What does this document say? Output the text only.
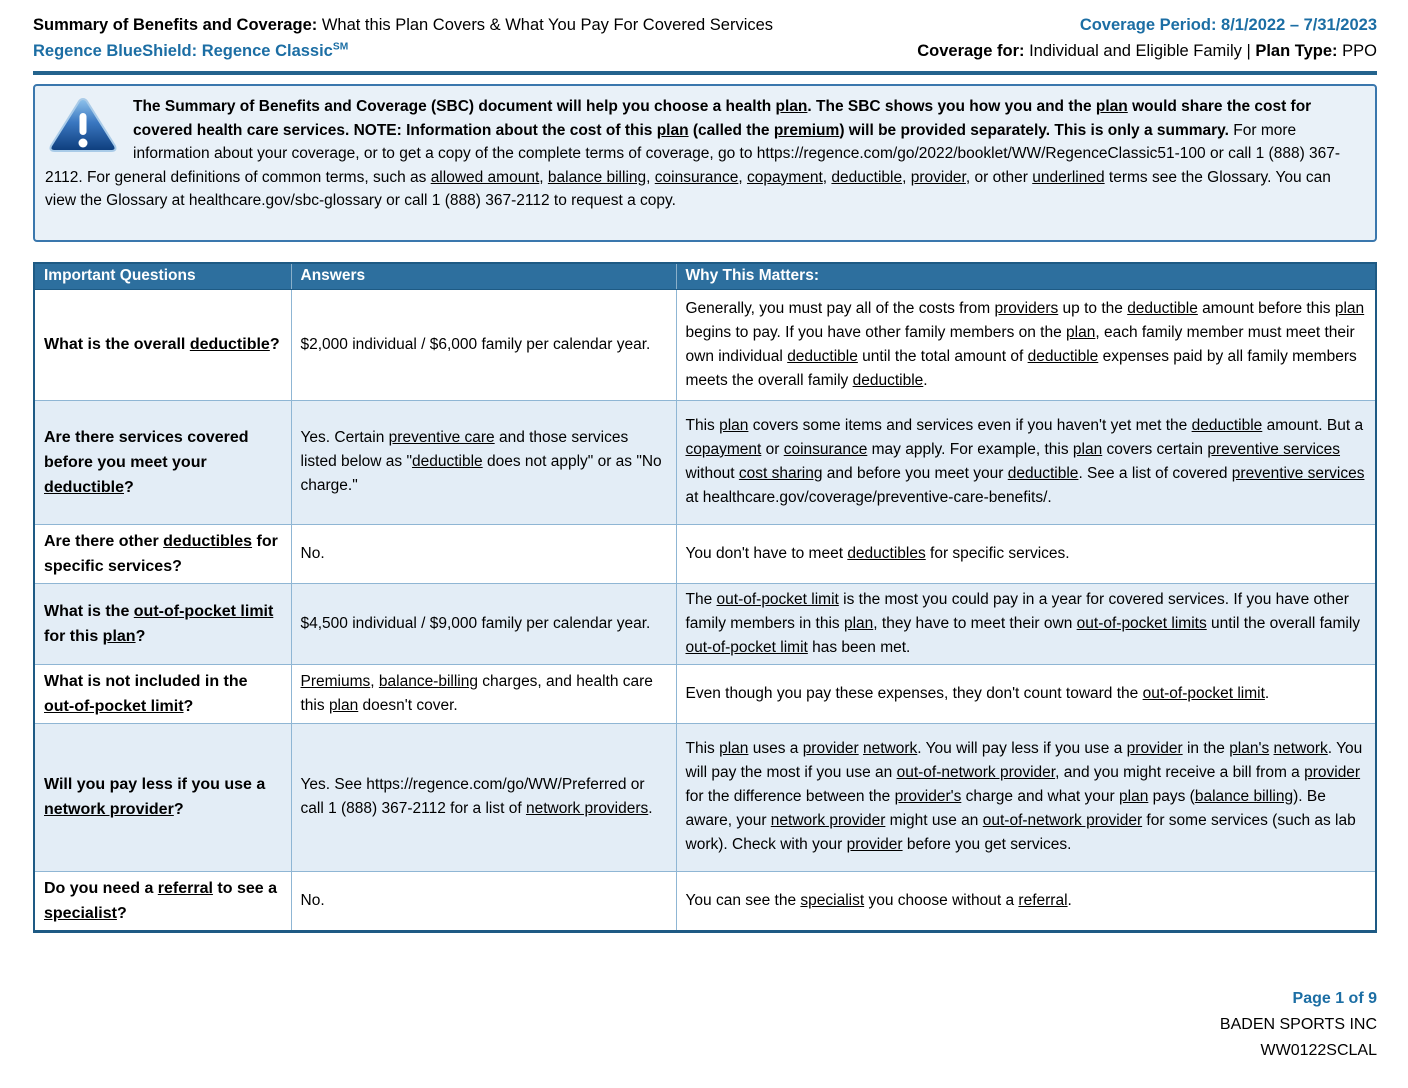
Summary of Benefits and Coverage: What this Plan Covers & What You Pay For Covered Services
Regence BlueShield: Regence Classic℠
Coverage Period: 8/1/2022 – 7/31/2023
Coverage for: Individual and Eligible Family | Plan Type: PPO

The Summary of Benefits and Coverage (SBC) document will help you choose a health plan. The SBC shows you how you and the plan would share the cost for covered health care services. NOTE: Information about the cost of this plan (called the premium) will be provided separately. This is only a summary. For more information about your coverage, or to get a copy of the complete terms of coverage, go to https://regence.com/go/2022/booklet/WW/RegenceClassic51-100 or call 1 (888) 367-2112. For general definitions of common terms, such as allowed amount, balance billing, coinsurance, copayment, deductible, provider, or other underlined terms see the Glossary. You can view the Glossary at healthcare.gov/sbc-glossary or call 1 (888) 367-2112 to request a copy.

Important Questions	Answers	Why This Matters:
What is the overall deductible?	$2,000 individual / $6,000 family per calendar year.	Generally, you must pay all of the costs from providers up to the deductible amount before this plan begins to pay. If you have other family members on the plan, each family member must meet their own individual deductible until the total amount of deductible expenses paid by all family members meets the overall family deductible.
Are there services covered before you meet your deductible?	Yes. Certain preventive care and those services listed below as "deductible does not apply" or as "No charge."	This plan covers some items and services even if you haven't yet met the deductible amount. But a copayment or coinsurance may apply. For example, this plan covers certain preventive services without cost sharing and before you meet your deductible. See a list of covered preventive services at healthcare.gov/coverage/preventive-care-benefits/.
Are there other deductibles for specific services?	No.	You don't have to meet deductibles for specific services.
What is the out-of-pocket limit for this plan?	$4,500 individual / $9,000 family per calendar year.	The out-of-pocket limit is the most you could pay in a year for covered services. If you have other family members in this plan, they have to meet their own out-of-pocket limits until the overall family out-of-pocket limit has been met.
What is not included in the out-of-pocket limit?	Premiums, balance-billing charges, and health care this plan doesn't cover.	Even though you pay these expenses, they don't count toward the out-of-pocket limit.
Will you pay less if you use a network provider?	Yes. See https://regence.com/go/WW/Preferred or call 1 (888) 367-2112 for a list of network providers.	This plan uses a provider network. You will pay less if you use a provider in the plan's network. You will pay the most if you use an out-of-network provider, and you might receive a bill from a provider for the difference between the provider's charge and what your plan pays (balance billing). Be aware, your network provider might use an out-of-network provider for some services (such as lab work). Check with your provider before you get services.
Do you need a referral to see a specialist?	No.	You can see the specialist you choose without a referral.
Page 1 of 9
BADEN SPORTS INC
WW0122SCLAL
